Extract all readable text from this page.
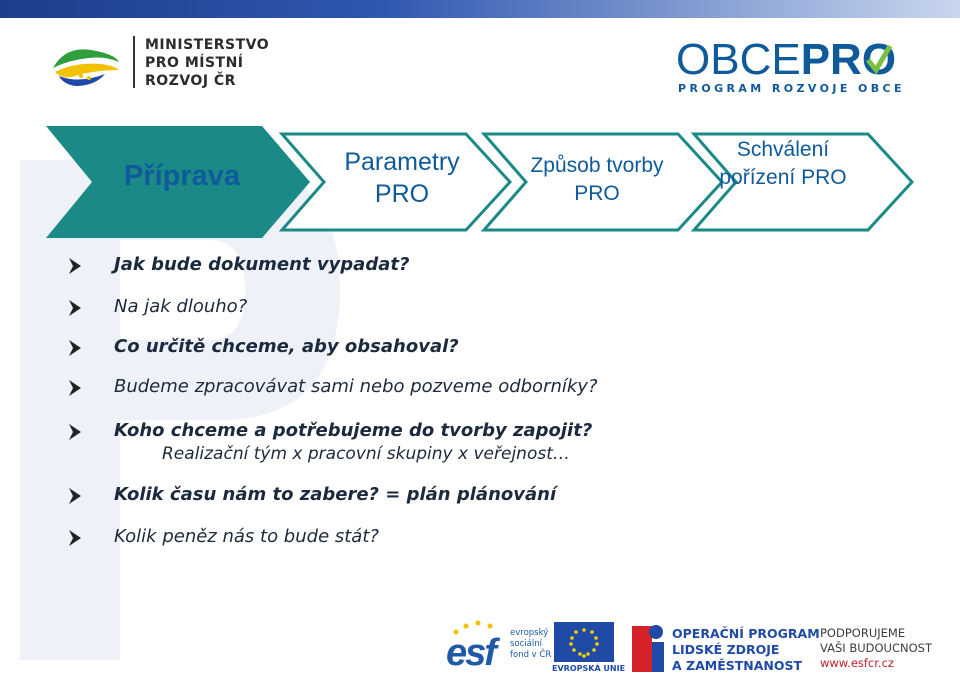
MINISTERSTVO
PRO MÍSTNÍ
ROZVOJ ČR	OBCEPRO
PROGRAM ROZVOJE OBCE
Příprava	Parametry PRO
Způsob tvorby PRO
Schválení pořízení PRO
Jak bude dokument vypadat?
Na jak dlouho?
Co určitě chceme, aby obsahoval?
Budeme zpracovávat sami nebo pozveme odborníky?
Koho chceme a potřebujeme do tvorby zapojit?
Realizační tým x pracovní skupiny x veřejnost…
Kolik času nám to zabere? = plán plánování
Kolik peněz nás to bude stát?
esf evropský
sociální
fond v ČR
EVROPSKÁ UNIE
OPERAČNÍ PROGRAM
LIDSKÉ ZDROJE
A ZAMĚSTNANOST
PODPORUJEME
VAŠI BUDOUCNOST
www.esfcr.cz
